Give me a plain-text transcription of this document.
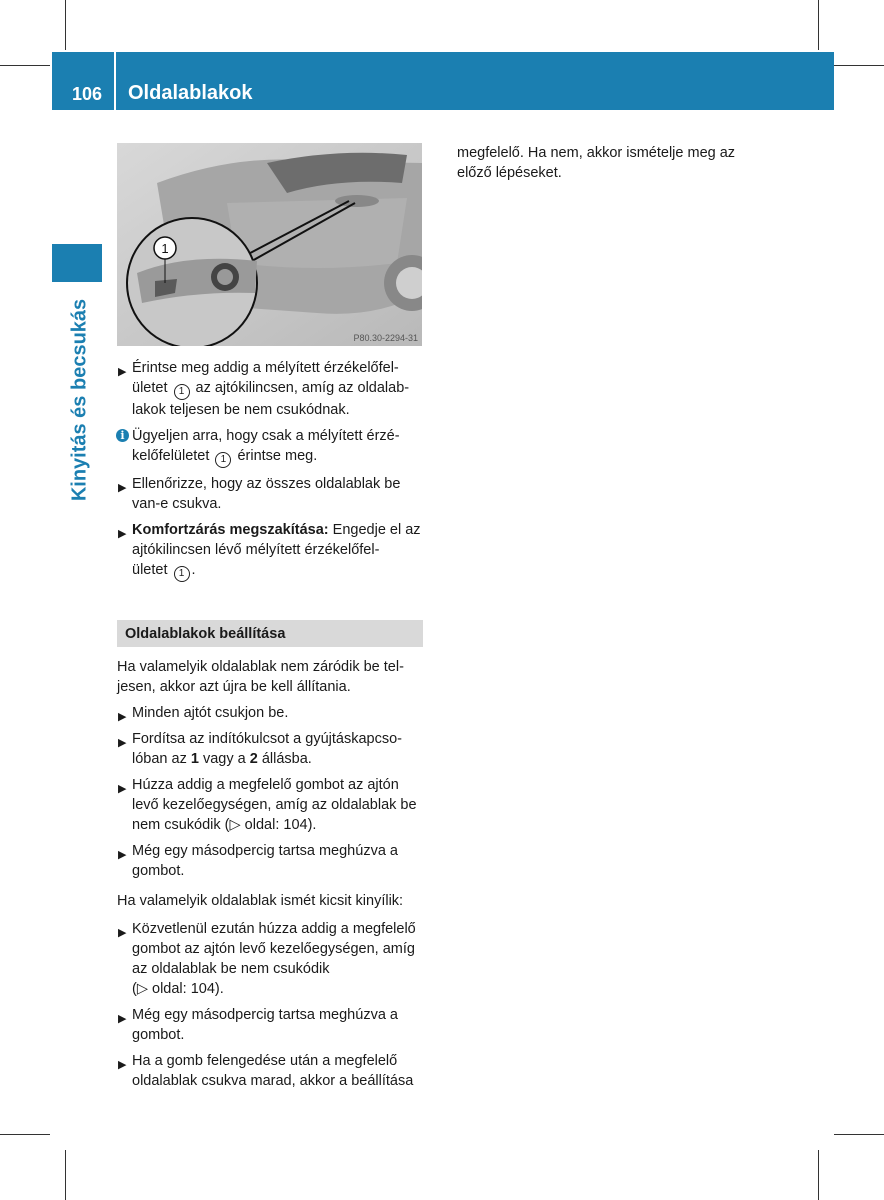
106 Oldalablakok
Kinyitás és becsukás
1
P80.30-2294-31
▶ Érintse meg addig a mélyített érzékelőfel-
ületet 1 az ajtókilincsen, amíg az oldalab-
lakok teljesen be nem csukódnak.
i Ügyeljen arra, hogy csak a mélyített érzé-
kelőfelületet 1 érintse meg.
▶ Ellenőrizze, hogy az összes oldalablak be van-e csukva.
▶ Komfortzárás megszakítása: Engedje el az ajtókilincsen lévő mélyített érzékelőfel-
ületet 1 .
Oldalablakok beállítása
Ha valamelyik oldalablak nem záródik be tel-
jesen, akkor azt újra be kell állítania.
▶ Minden ajtót csukjon be.
▶ Fordítsa az indítókulcsot a gyújtáskapcso-
lóban az 1 vagy a 2 állásba.
▶ Húzza addig a megfelelő gombot az ajtón levő kezelőegységen, amíg az oldalablak be nem csukódik (▷ oldal: 104).
▶ Még egy másodpercig tartsa meghúzva a gombot.
Ha valamelyik oldalablak ismét kicsit kinyílik:
▶ Közvetlenül ezután húzza addig a megfelelő gombot az ajtón levő kezelőegységen, amíg az oldalablak be nem csukódik
(▷ oldal: 104).
▶ Még egy másodpercig tartsa meghúzva a gombot.
▶ Ha a gomb felengedése után a megfelelő oldalablak csukva marad, akkor a beállítása
megfelelő. Ha nem, akkor ismételje meg az előző lépéseket.
